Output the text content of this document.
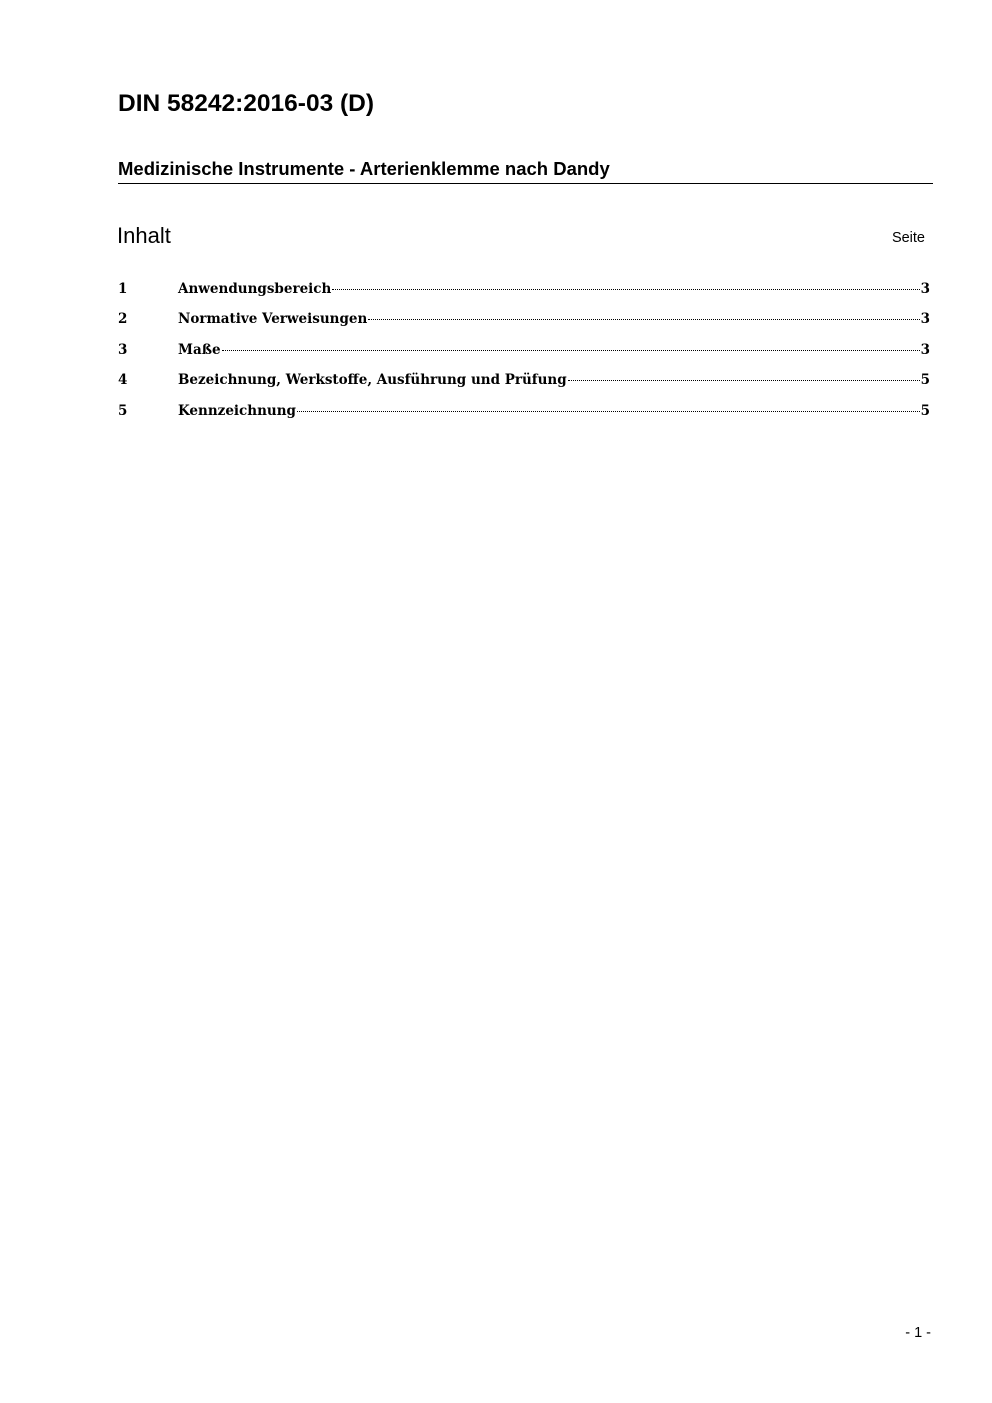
DIN 58242:2016-03 (D)
Medizinische Instrumente - Arterienklemme nach Dandy
Inhalt	Seite
1	Anwendungsbereich	3
2	Normative Verweisungen	3
3	Maße	3
4	Bezeichnung, Werkstoffe, Ausführung und Prüfung	5
5	Kennzeichnung	5
- 1 -
